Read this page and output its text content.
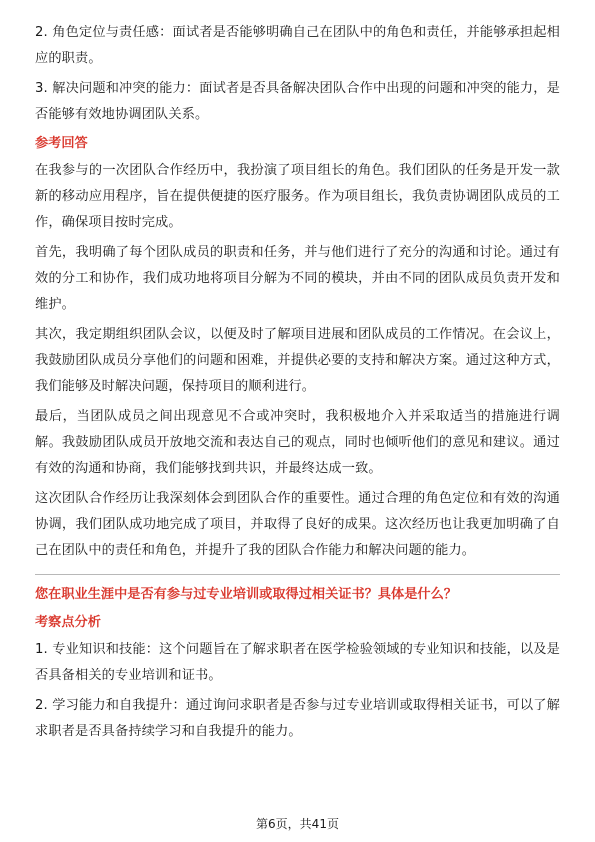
2. 角色定位与责任感：面试者是否能够明确自己在团队中的角色和责任，并能够承担起相应的职责。

3. 解决问题和冲突的能力：面试者是否具备解决团队合作中出现的问题和冲突的能力，是否能够有效地协调团队关系。

参考回答

在我参与的一次团队合作经历中，我扮演了项目组长的角色。我们团队的任务是开发一款新的移动应用程序，旨在提供便捷的医疗服务。作为项目组长，我负责协调团队成员的工作，确保项目按时完成。

首先，我明确了每个团队成员的职责和任务，并与他们进行了充分的沟通和讨论。通过有效的分工和协作，我们成功地将项目分解为不同的模块，并由不同的团队成员负责开发和维护。

其次，我定期组织团队会议，以便及时了解项目进展和团队成员的工作情况。在会议上，我鼓励团队成员分享他们的问题和困难，并提供必要的支持和解决方案。通过这种方式，我们能够及时解决问题，保持项目的顺利进行。

最后，当团队成员之间出现意见不合或冲突时，我积极地介入并采取适当的措施进行调解。我鼓励团队成员开放地交流和表达自己的观点，同时也倾听他们的意见和建议。通过有效的沟通和协商，我们能够找到共识，并最终达成一致。

这次团队合作经历让我深刻体会到团队合作的重要性。通过合理的角色定位和有效的沟通协调，我们团队成功地完成了项目，并取得了良好的成果。这次经历也让我更加明确了自己在团队中的责任和角色，并提升了我的团队合作能力和解决问题的能力。

您在职业生涯中是否有参与过专业培训或取得过相关证书？具体是什么？
考察点分析

1. 专业知识和技能：这个问题旨在了解求职者在医学检验领域的专业知识和技能，以及是否具备相关的专业培训和证书。

2. 学习能力和自我提升：通过询问求职者是否参与过专业培训或取得相关证书，可以了解求职者是否具备持续学习和自我提升的能力。

第6页，共41页
